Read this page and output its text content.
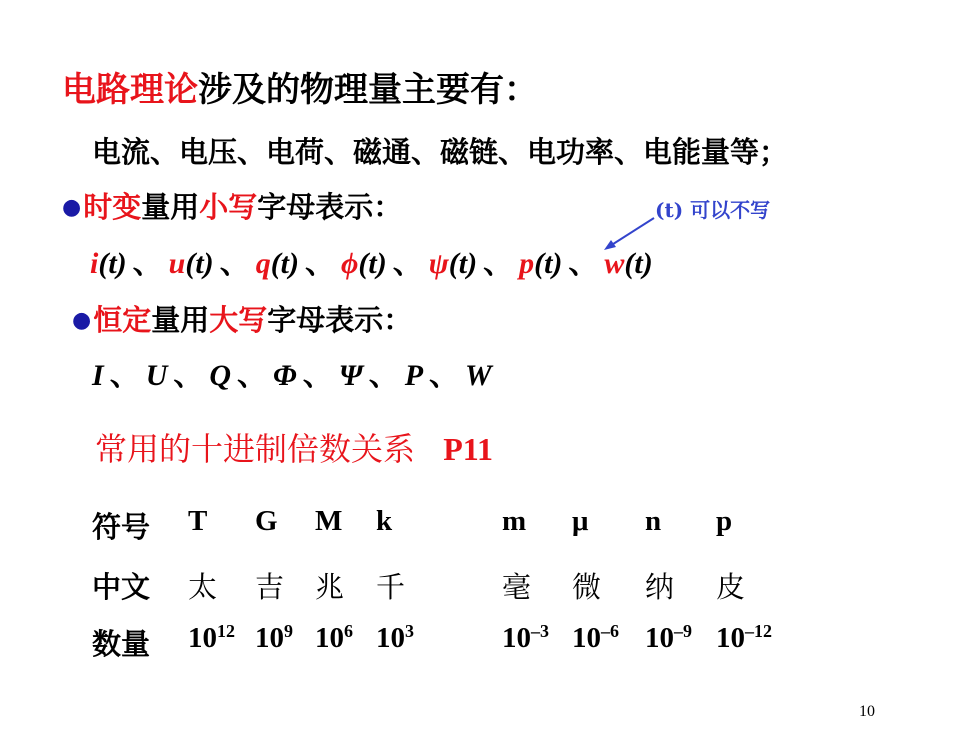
电路理论涉及的物理量主要有：
电流、电压、电荷、磁通、磁链、电功率、电能量等；
●时变量用小写字母表示：	(t) 可以不写
i(t) 、 u(t) 、 q(t) 、 ϕ(t) 、 ψ(t) 、 p(t) 、 w(t)
●恒定量用大写字母表示：
I 、 U 、 Q 、 Φ 、 Ψ 、 P 、 W
常用的十进制倍数关系 P11
符号 T G M k	m μ n p
中文 太 吉 兆 千	毫 微 纳 皮
数量 $10^{12}$ $10^9$ $10^6$ $10^3$	$10^{-3}$ $10^{-6}$ $10^{-9}$ $10^{-12}$
10
